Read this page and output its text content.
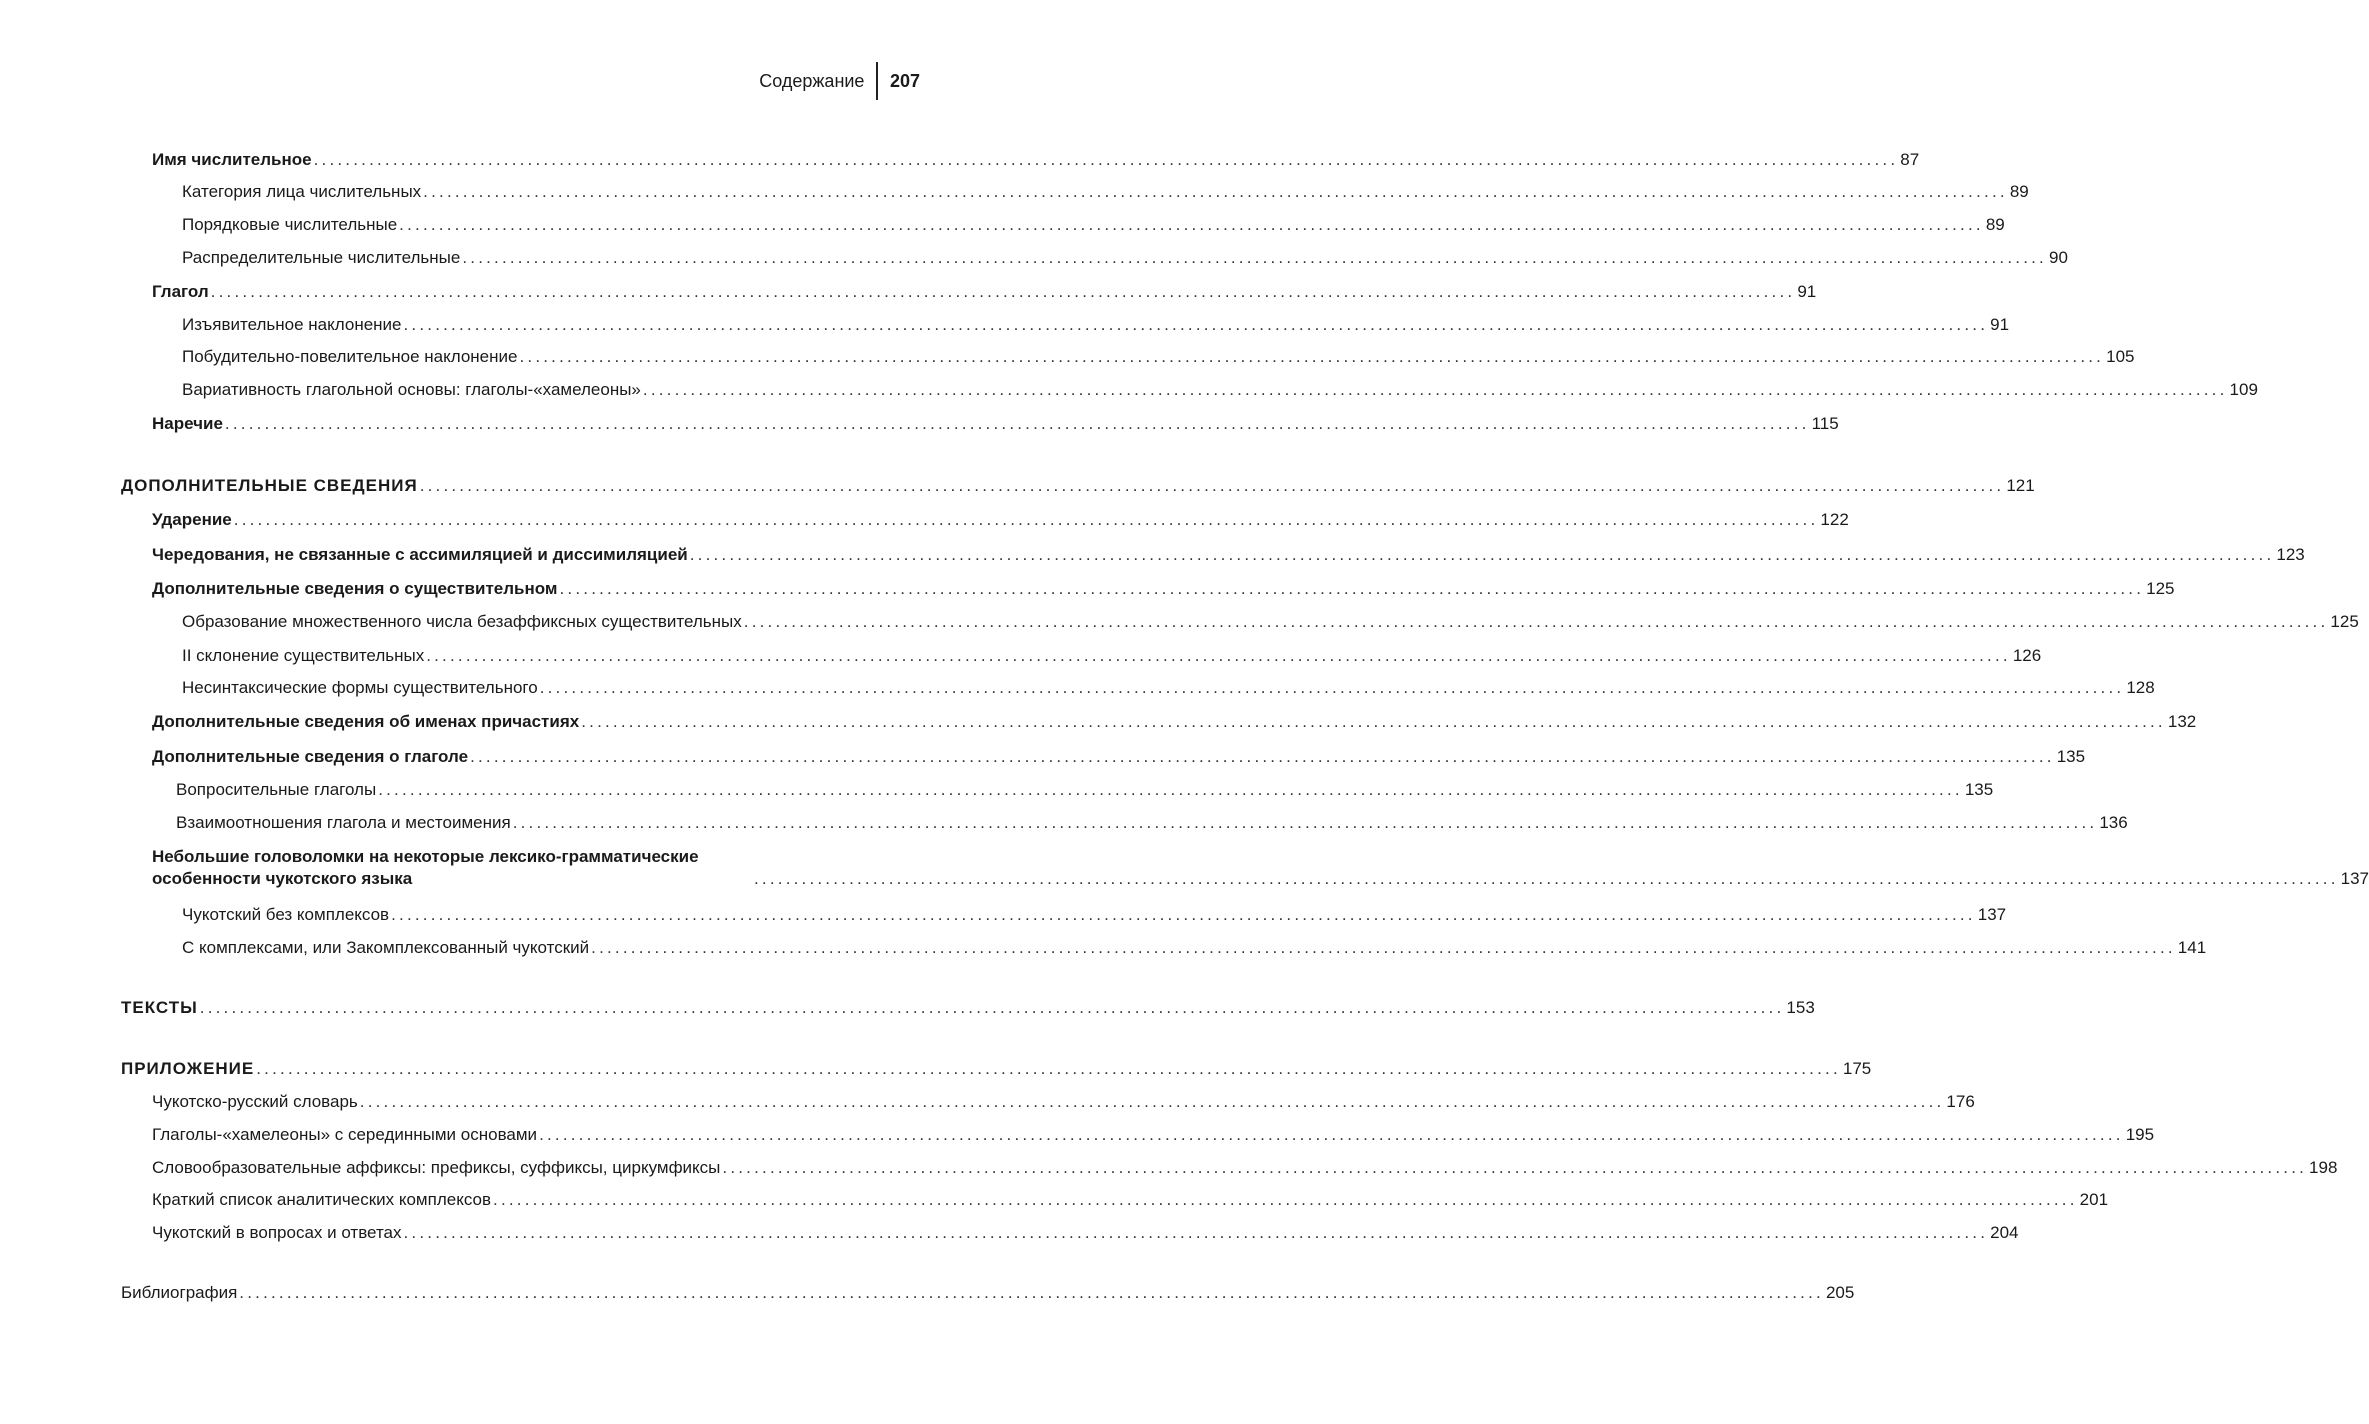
Содержание	207
Имя числительное ........................................................................................................................................................................................................ 87
Категория лица числительных ........................................................................................................................................................................................................ 89
Порядковые числительные ........................................................................................................................................................................................................ 89
Распределительные числительные ........................................................................................................................................................................................................ 90
Глагол ........................................................................................................................................................................................................ 91
Изъявительное наклонение ........................................................................................................................................................................................................ 91
Побудительно-повелительное наклонение ........................................................................................................................................................................................................ 105
Вариативность глагольной основы: глаголы-«хамелеоны» ........................................................................................................................................................................................................ 109
Наречие ........................................................................................................................................................................................................ 115
ДОПОЛНИТЕЛЬНЫЕ СВЕДЕНИЯ ........................................................................................................................................................................................................ 121
Ударение ........................................................................................................................................................................................................ 122
Чередования, не связанные с ассимиляцией и диссимиляцией ........................................................................................................................................................................................................ 123
Дополнительные сведения о существительном ........................................................................................................................................................................................................ 125
Образование множественного числа безаффиксных существительных ........................................................................................................................................................................................................ 125
II склонение существительных ........................................................................................................................................................................................................ 126
Несинтаксические формы существительного ........................................................................................................................................................................................................ 128
Дополнительные сведения об именах причастиях ........................................................................................................................................................................................................ 132
Дополнительные сведения о глаголе ........................................................................................................................................................................................................ 135
Вопросительные глаголы ........................................................................................................................................................................................................ 135
Взаимоотношения глагола и местоимения ........................................................................................................................................................................................................ 136
Небольшие головоломки на некоторые лексико-грамматические особенности чукотского языка	........................................................................................................................................................................................................ 137
Чукотский без комплексов ........................................................................................................................................................................................................ 137
С комплексами, или Закомплексованный чукотский ........................................................................................................................................................................................................ 141
ТЕКСТЫ ........................................................................................................................................................................................................ 153
ПРИЛОЖЕНИЕ ........................................................................................................................................................................................................ 175
Чукотско-русский словарь ........................................................................................................................................................................................................ 176
Глаголы-«хамелеоны» с серединными основами ........................................................................................................................................................................................................ 195
Словообразовательные аффиксы: префиксы, суффиксы, циркумфиксы ........................................................................................................................................................................................................ 198
Краткий список аналитических комплексов ........................................................................................................................................................................................................ 201
Чукотский в вопросах и ответах ........................................................................................................................................................................................................ 204
Библиография ........................................................................................................................................................................................................ 205
